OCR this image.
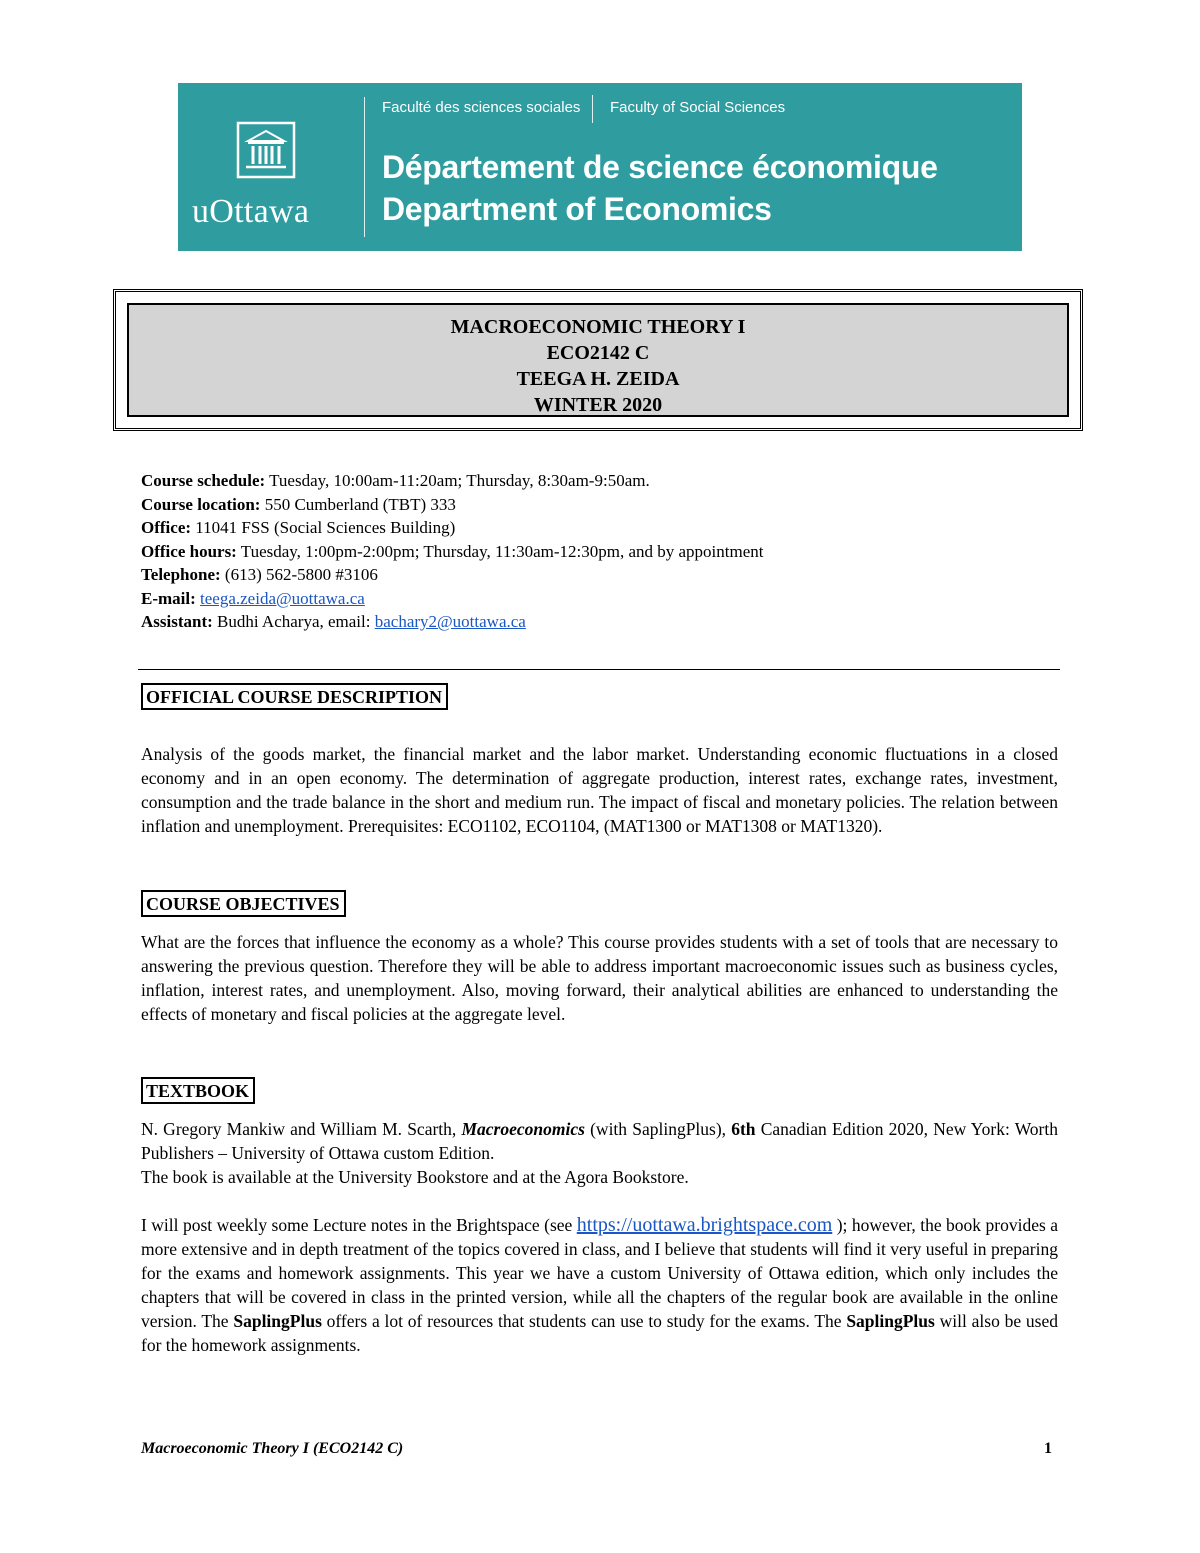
uOttawa
Faculté des sciences sociales Faculty of Social Sciences
Département de science économique
Department of Economics
MACROECONOMIC THEORY I
ECO2142 C
TEEGA H. ZEIDA
WINTER 2020
Course schedule: Tuesday, 10:00am-11:20am; Thursday, 8:30am-9:50am.
Course location: 550 Cumberland (TBT) 333
Office: 11041 FSS (Social Sciences Building)
Office hours: Tuesday, 1:00pm-2:00pm; Thursday, 11:30am-12:30pm, and by appointment
Telephone: (613) 562-5800 #3106
E-mail: teega.zeida@uottawa.ca
Assistant: Budhi Acharya, email: bachary2@uottawa.ca
OFFICIAL COURSE DESCRIPTION
Analysis of the goods market, the financial market and the labor market. Understanding economic fluctuations in a closed economy and in an open economy. The determination of aggregate production, interest rates, exchange rates, investment, consumption and the trade balance in the short and medium run. The impact of fiscal and monetary policies. The relation between inflation and unemployment. Prerequisites: ECO1102, ECO1104, (MAT1300 or MAT1308 or MAT1320).
COURSE OBJECTIVES
What are the forces that influence the economy as a whole? This course provides students with a set of tools that are necessary to answering the previous question. Therefore they will be able to address important macroeconomic issues such as business cycles, inflation, interest rates, and unemployment. Also, moving forward, their analytical abilities are enhanced to understanding the effects of monetary and fiscal policies at the aggregate level.
TEXTBOOK

N. Gregory Mankiw and William M. Scarth, Macroeconomics (with SaplingPlus), 6th Canadian Edition 2020, New York: Worth Publishers – University of Ottawa custom Edition.

The book is available at the University Bookstore and at the Agora Bookstore.

I will post weekly some Lecture notes in the Brightspace (see https://uottawa.brightspace.com ); however, the book provides a more extensive and in depth treatment of the topics covered in class, and I believe that students will find it very useful in preparing for the exams and homework assignments. This year we have a custom University of Ottawa edition, which only includes the chapters that will be covered in class in the printed version, while all the chapters of the regular book are available in the online version. The SaplingPlus offers a lot of resources that students can use to study for the exams. The SaplingPlus will also be used for the homework assignments.

Macroeconomic Theory I (ECO2142 C)	1
